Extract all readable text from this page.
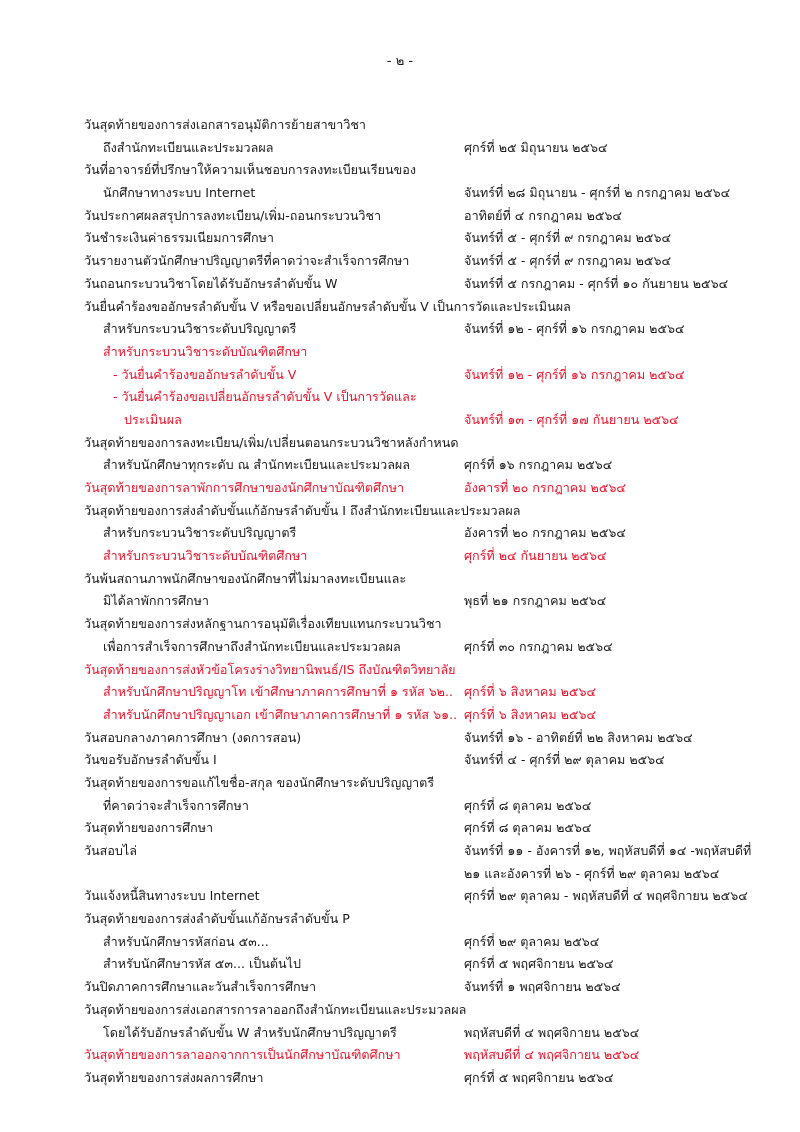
- ๒ -
วันสุดท้ายของการส่งเอกสารอนุมัติการย้ายสาขาวิชา
ถึงสำนักทะเบียนและประมวลผล	ศุกร์ที่ ๒๕ มิถุนายน ๒๕๖๔
วันที่อาจารย์ที่ปรึกษาให้ความเห็นชอบการลงทะเบียนเรียนของ
นักศึกษาทางระบบ Internet	จันทร์ที่ ๒๘ มิถุนายน - ศุกร์ที่ ๒ กรกฎาคม ๒๕๖๔
วันประกาศผลสรุปการลงทะเบียน/เพิ่ม-ถอนกระบวนวิชา	อาทิตย์ที่ ๔ กรกฎาคม ๒๕๖๔
วันชำระเงินค่าธรรมเนียมการศึกษา	จันทร์ที่ ๕ - ศุกร์ที่ ๙ กรกฎาคม ๒๕๖๔
วันรายงานตัวนักศึกษาปริญญาตรีที่คาดว่าจะสำเร็จการศึกษา	จันทร์ที่ ๕ - ศุกร์ที่ ๙ กรกฎาคม ๒๕๖๔
วันถอนกระบวนวิชาโดยได้รับอักษรลำดับขั้น W	จันทร์ที่ ๕ กรกฎาคม - ศุกร์ที่ ๑๐ กันยายน ๒๕๖๔
วันยื่นคำร้องขออักษรลำดับขั้น V หรือขอเปลี่ยนอักษรลำดับขั้น V เป็นการวัดและประเมินผล
สำหรับกระบวนวิชาระดับปริญญาตรี	จันทร์ที่ ๑๒ - ศุกร์ที่ ๑๖ กรกฎาคม ๒๕๖๔
สำหรับกระบวนวิชาระดับบัณฑิตศึกษา
- วันยื่นคำร้องขออักษรลำดับขั้น V	จันทร์ที่ ๑๒ - ศุกร์ที่ ๑๖ กรกฎาคม ๒๕๖๔
- วันยื่นคำร้องขอเปลี่ยนอักษรลำดับขั้น V เป็นการวัดและ
ประเมินผล	จันทร์ที่ ๑๓ - ศุกร์ที่ ๑๗ กันยายน ๒๕๖๔
วันสุดท้ายของการลงทะเบียน/เพิ่ม/เปลี่ยนตอนกระบวนวิชาหลังกำหนด
สำหรับนักศึกษาทุกระดับ ณ สำนักทะเบียนและประมวลผล	ศุกร์ที่ ๑๖ กรกฎาคม ๒๕๖๔
วันสุดท้ายของการลาพักการศึกษาของนักศึกษาบัณฑิตศึกษา	อังคารที่ ๒๐ กรกฎาคม ๒๕๖๔
วันสุดท้ายของการส่งลำดับขั้นแก้อักษรลำดับขั้น I ถึงสำนักทะเบียนและประมวลผล
สำหรับกระบวนวิชาระดับปริญญาตรี	อังคารที่ ๒๐ กรกฎาคม ๒๕๖๔
สำหรับกระบวนวิชาระดับบัณฑิตศึกษา	ศุกร์ที่ ๒๔ กันยายน ๒๕๖๔
วันพ้นสถานภาพนักศึกษาของนักศึกษาที่ไม่มาลงทะเบียนและ
มิได้ลาพักการศึกษา	พุธที่ ๒๑ กรกฎาคม ๒๕๖๔
วันสุดท้ายของการส่งหลักฐานการอนุมัติเรื่องเทียบแทนกระบวนวิชา
เพื่อการสำเร็จการศึกษาถึงสำนักทะเบียนและประมวลผล	ศุกร์ที่ ๓๐ กรกฎาคม ๒๕๖๔
วันสุดท้ายของการส่งหัวข้อโครงร่างวิทยานิพนธ์/IS ถึงบัณฑิตวิทยาลัย
สำหรับนักศึกษาปริญญาโท เข้าศึกษาภาคการศึกษาที่ ๑ รหัส ๖๒.. ศุกร์ที่ ๖ สิงหาคม ๒๕๖๔
สำหรับนักศึกษาปริญญาเอก เข้าศึกษาภาคการศึกษาที่ ๑ รหัส ๖๑.. ศุกร์ที่ ๖ สิงหาคม ๒๕๖๔
วันสอบกลางภาคการศึกษา (งดการสอน)	จันทร์ที่ ๑๖ - อาทิตย์ที่ ๒๒ สิงหาคม ๒๕๖๔
วันขอรับอักษรลำดับขั้น I	จันทร์ที่ ๔ - ศุกร์ที่ ๒๙ ตุลาคม ๒๕๖๔
วันสุดท้ายของการขอแก้ไขชื่อ-สกุล ของนักศึกษาระดับปริญญาตรี
ที่คาดว่าจะสำเร็จการศึกษา	ศุกร์ที่ ๘ ตุลาคม ๒๕๖๔
วันสุดท้ายของการศึกษา	ศุกร์ที่ ๘ ตุลาคม ๒๕๖๔
วันสอบไล่	จันทร์ที่ ๑๑ - อังคารที่ ๑๒, พฤหัสบดีที่ ๑๔ -พฤหัสบดีที่
๒๑ และอังคารที่ ๒๖ - ศุกร์ที่ ๒๙ ตุลาคม ๒๕๖๔
วันแจ้งหนี้สินทางระบบ Internet	ศุกร์ที่ ๒๙ ตุลาคม - พฤหัสบดีที่ ๔ พฤศจิกายน ๒๕๖๔
วันสุดท้ายของการส่งลำดับขั้นแก้อักษรลำดับขั้น P
สำหรับนักศึกษารหัสก่อน ๕๓...	ศุกร์ที่ ๒๙ ตุลาคม ๒๕๖๔
สำหรับนักศึกษารหัส ๕๓... เป็นต้นไป	ศุกร์ที่ ๕ พฤศจิกายน ๒๕๖๔
วันปิดภาคการศึกษาและวันสำเร็จการศึกษา	จันทร์ที่ ๑ พฤศจิกายน ๒๕๖๔
วันสุดท้ายของการส่งเอกสารการลาออกถึงสำนักทะเบียนและประมวลผล
โดยได้รับอักษรลำดับขั้น W สำหรับนักศึกษาปริญญาตรี	พฤหัสบดีที่ ๔ พฤศจิกายน ๒๕๖๔
วันสุดท้ายของการลาออกจากการเป็นนักศึกษาบัณฑิตศึกษา	พฤหัสบดีที่ ๔ พฤศจิกายน ๒๕๖๔
วันสุดท้ายของการส่งผลการศึกษา	ศุกร์ที่ ๕ พฤศจิกายน ๒๕๖๔
